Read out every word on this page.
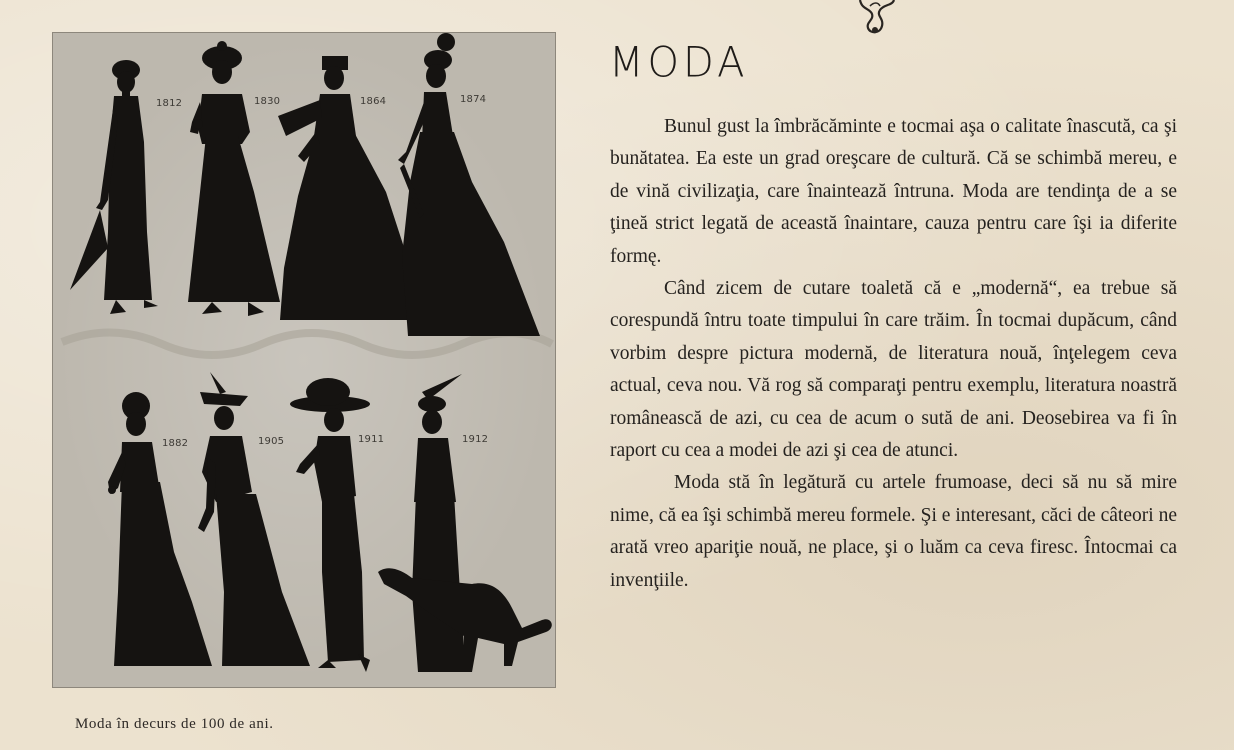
1812	1830	1864	1874
1882	1905	1911	1912
Moda în decurs de 100 de ani.
MODA

Bunul gust la îmbrăcăminte e tocmai aşa o calitate înascută, ca şi bunătatea. Ea este un grad oreşcare de cultură. Că se schimbă mereu, e de vină civilizaţia, care înaintează întruna. Moda are tendinţa de a se ţineă strict legată de această înaintare, cauza pentru care îşi ia diferite formę.

Când zicem de cutare toaletă că e „modernă“, ea trebue să corespundă întru toate timpului în care trăim. În tocmai dupăcum, când vorbim despre pictura modernă, de literatura nouă, înţelegem ceva actual, ceva nou. Vă rog să comparaţi pentru exemplu, literatura noastră românească de azi, cu cea de acum o sută de ani. Deosebirea va fi în raport cu cea a modei de azi şi cea de atunci.

Moda stă în legătură cu artele frumoase, deci să nu să mire nime, că ea îşi schimbă mereu formele. Şi e interesant, căci de câteori ne arată vreo apariţie nouă, ne place, şi o luăm ca ceva firesc. Întocmai ca invenţiile.
